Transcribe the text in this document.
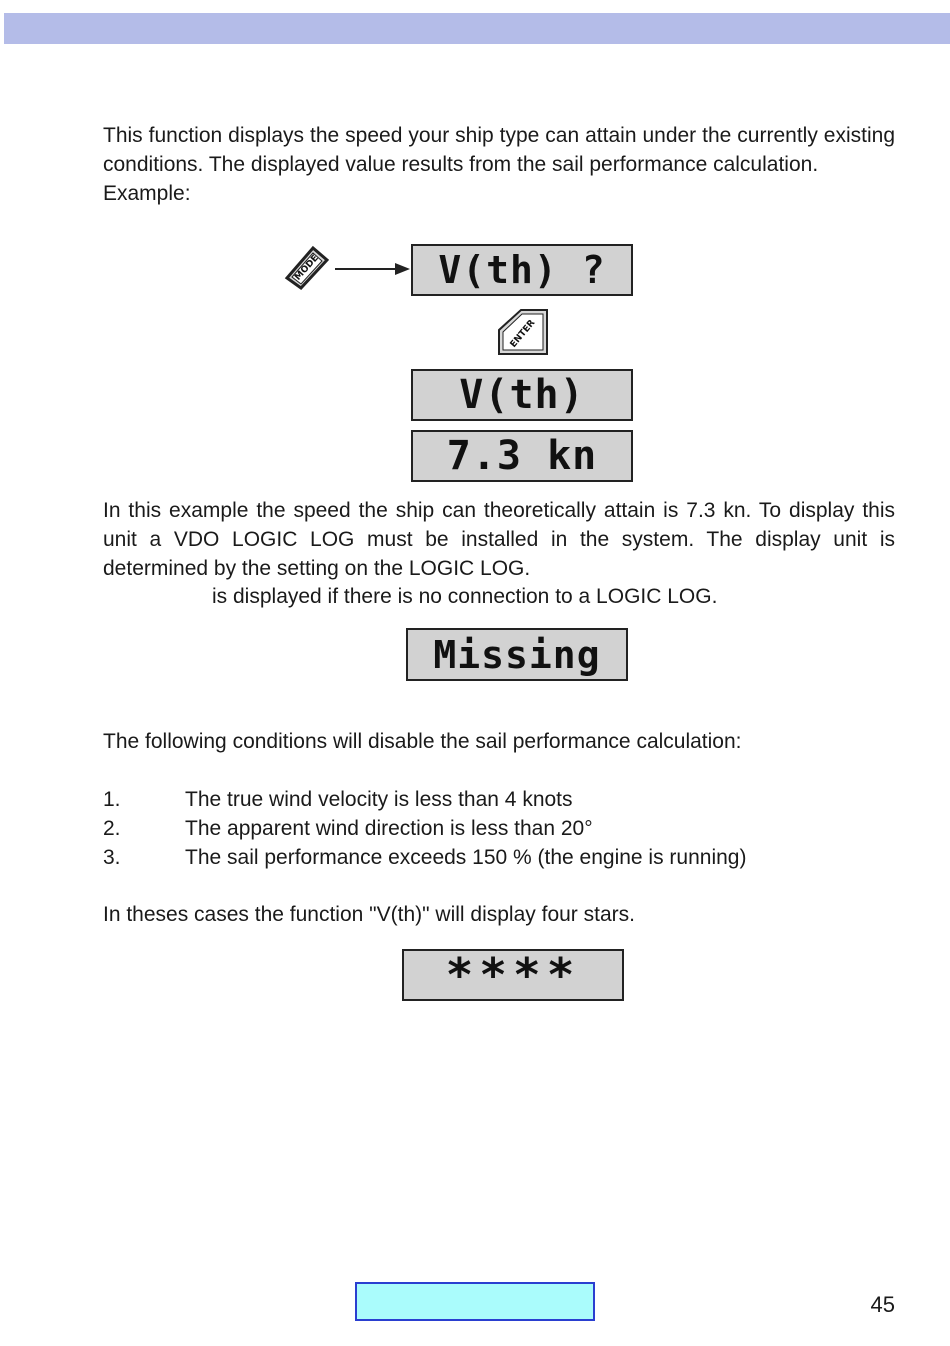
This function displays the speed your ship type can attain under the currently existing conditions. The displayed value results from the sail performance calculation.

Example:

MODE	V(th) ?
ENTER
V(th)
7.3 kn

In this example the speed the ship can theoretically attain is 7.3 kn. To display this unit a VDO LOGIC LOG must be installed in the system. The display unit is determined by the setting on the LOGIC LOG.

is displayed if there is no connection to a LOGIC LOG.

Missing
The following conditions will disable the sail performance calculation:
1.	The true wind velocity is less than 4 knots
2.	The apparent wind direction is less than 20°
3.	The sail performance exceeds 150 % (the engine is running)
In theses cases the function "V(th)" will display four stars.
****
45
